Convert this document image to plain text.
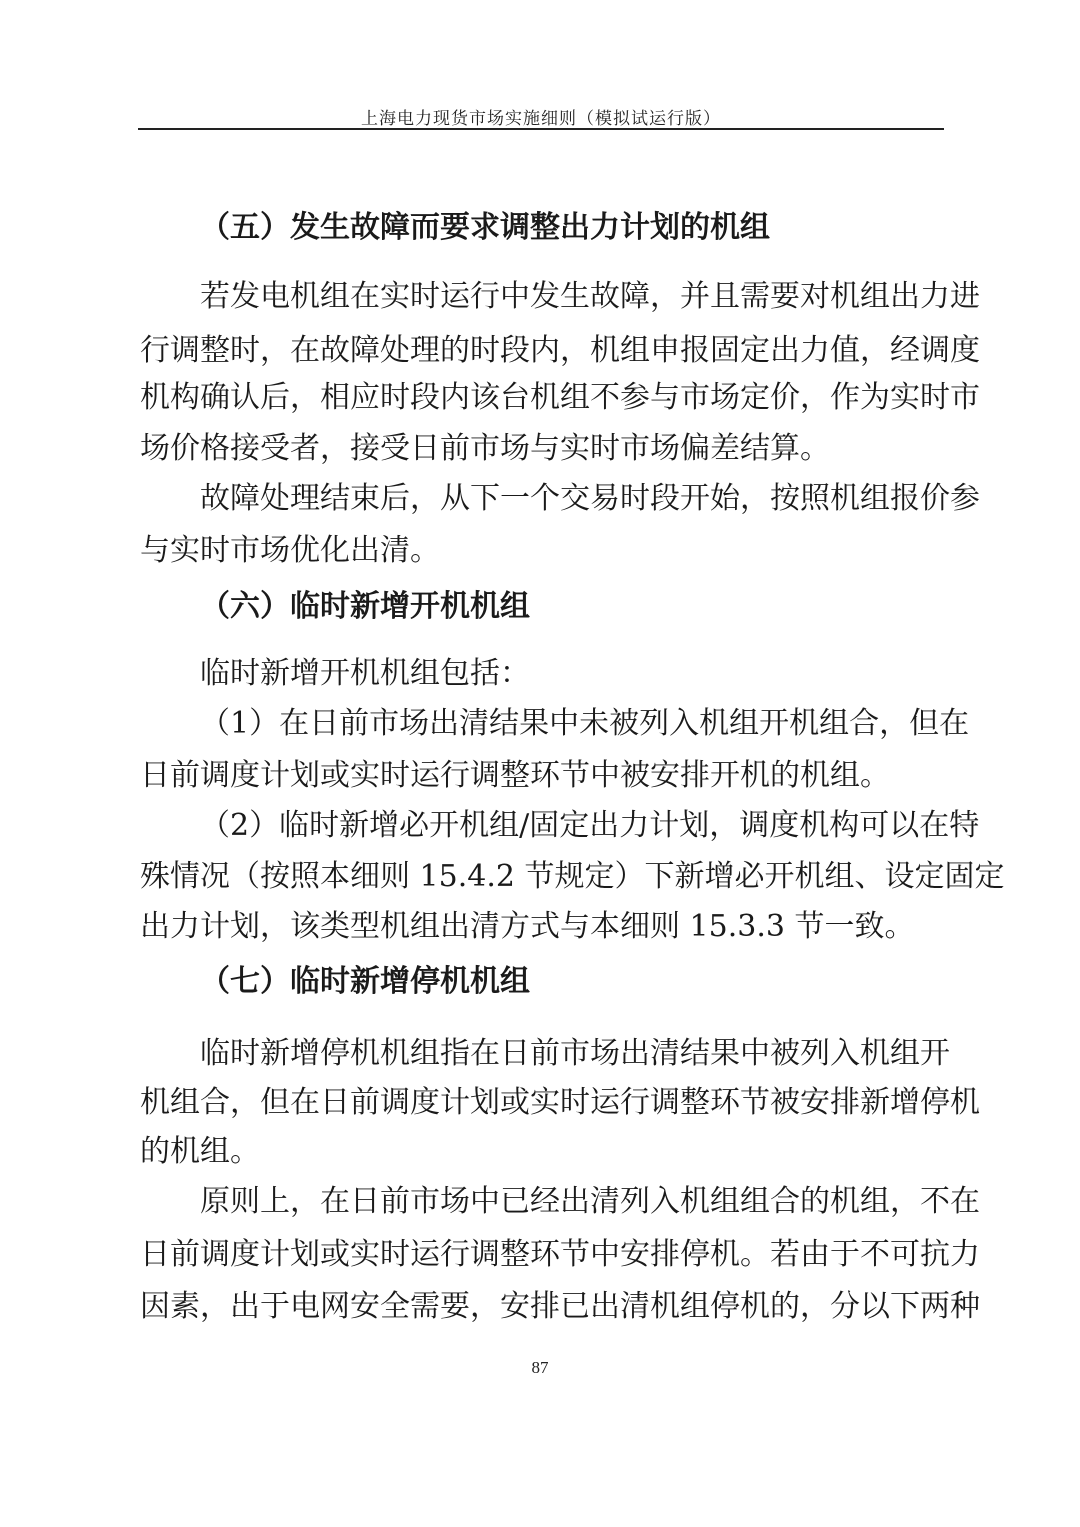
上海电力现货市场实施细则（模拟试运行版）
（五）发生故障而要求调整出力计划的机组
若发电机组在实时运行中发生故障，并且需要对机组出力进
行调整时，在故障处理的时段内，机组申报固定出力值，经调度
机构确认后，相应时段内该台机组不参与市场定价，作为实时市
场价格接受者，接受日前市场与实时市场偏差结算。
故障处理结束后，从下一个交易时段开始，按照机组报价参
与实时市场优化出清。
（六）临时新增开机机组
临时新增开机机组包括：
（1）在日前市场出清结果中未被列入机组开机组合，但在
日前调度计划或实时运行调整环节中被安排开机的机组。
（2）临时新增必开机组/固定出力计划，调度机构可以在特
殊情况（按照本细则 15.4.2 节规定）下新增必开机组、设定固定
出力计划，该类型机组出清方式与本细则 15.3.3 节一致。
（七）临时新增停机机组
临时新增停机机组指在日前市场出清结果中被列入机组开
机组合，但在日前调度计划或实时运行调整环节被安排新增停机
的机组。
原则上，在日前市场中已经出清列入机组组合的机组，不在
日前调度计划或实时运行调整环节中安排停机。若由于不可抗力
因素，出于电网安全需要，安排已出清机组停机的，分以下两种
87
